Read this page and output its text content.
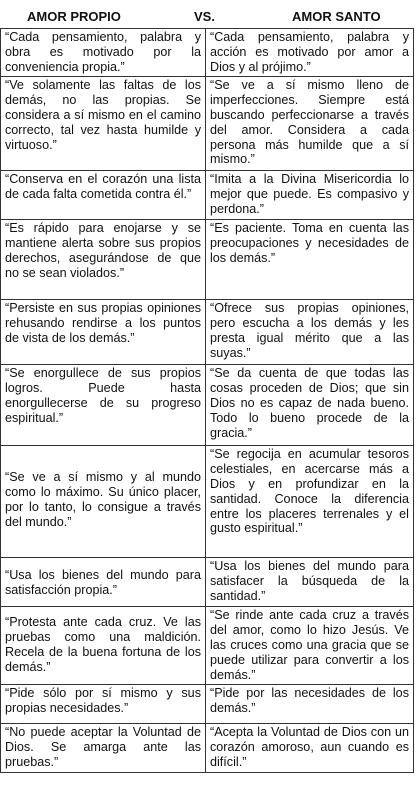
AMOR PROPIO	VS.	AMOR SANTO
“Cada pensamiento, palabra y obra es motivado por la conveniencia propia.”	“Cada pensamiento, palabra y acción es motivado por amor a Dios y al prójimo.”
“Ve solamente las faltas de los demás, no las propias. Se considera a sí mismo en el camino correcto, tal vez hasta humilde y virtuoso.”	“Se ve a sí mismo lleno de imperfecciones. Siempre está buscando perfeccionarse a través del amor. Considera a cada persona más humilde que a sí mismo.”
“Conserva en el corazón una lista de cada falta cometida contra él.”	“Imita a la Divina Misericordia lo mejor que puede. Es compasivo y perdona.”
“Es rápido para enojarse y se mantiene alerta sobre sus propios derechos, asegurándose de que no se sean violados.”	“Es paciente. Toma en cuenta las preocupaciones y necesidades de los demás.”
“Persiste en sus propias opiniones rehusando rendirse a los puntos de vista de los demás.”	“Ofrece sus propias opiniones, pero escucha a los demás y les presta igual mérito que a las suyas.”
“Se enorgullece de sus propios logros. Puede hasta enorgullecerse de su progreso espiritual.”	“Se da cuenta de que todas las cosas proceden de Dios; que sin Dios no es capaz de nada bueno. Todo lo bueno procede de la gracia.”
“Se ve a sí mismo y al mundo como lo máximo. Su único placer, por lo tanto, lo consigue a través del mundo.”	“Se regocija en acumular tesoros celestiales, en acercarse más a Dios y en profundizar en la santidad. Conoce la diferencia entre los placeres terrenales y el gusto espiritual.”
“Usa los bienes del mundo para satisfacción propia.”	“Usa los bienes del mundo para satisfacer la búsqueda de la santidad.”
“Protesta ante cada cruz. Ve las pruebas como una maldición. Recela de la buena fortuna de los demás.”	“Se rinde ante cada cruz a través del amor, como lo hizo Jesús. Ve las cruces como una gracia que se puede utilizar para convertir a los demás.”
“Pide sólo por sí mismo y sus propias necesidades.”	“Pide por las necesidades de los demás.”
“No puede aceptar la Voluntad de Dios. Se amarga ante las pruebas.”	“Acepta la Voluntad de Dios con un corazón amoroso, aun cuando es difícil.”
